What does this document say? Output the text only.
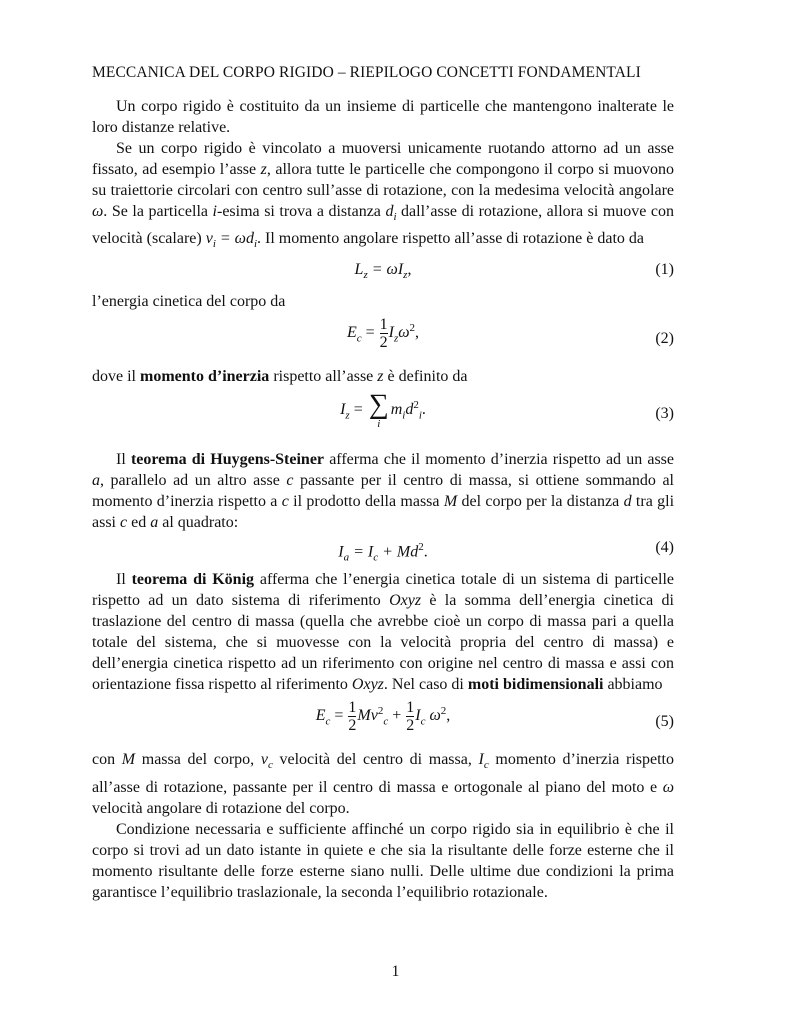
MECCANICA DEL CORPO RIGIDO – RIEPILOGO CONCETTI FONDAMENTALI

Un corpo rigido è costituito da un insieme di particelle che mantengono inalterate le loro distanze relative.

Se un corpo rigido è vincolato a muoversi unicamente ruotando attorno ad un asse fissato, ad esempio l’asse z, allora tutte le particelle che compongono il corpo si muovono su traiettorie circolari con centro sull’asse di rotazione, con la medesima velocità angolare ω. Se la particella i-esima si trova a distanza $d_i$ dall’asse di rotazione, allora si muove con velocità (scalare) $v_i = \omega d_i$. Il momento angolare rispetto all’asse di rotazione è dato da

$L_z = \omega I_z$,	(1)

l’energia cinetica del corpo da

$E_c = \frac{1}{2} I_z\omega^2$,	(2)

dove il momento d’inerzia rispetto all’asse z è definito da

$I_z$ = ∑
i
$m_id^2_i$.	(3)

Il teorema di Huygens-Steiner afferma che il momento d’inerzia rispetto ad un asse a, parallelo ad un altro asse c passante per il centro di massa, si ottiene sommando al momento d’inerzia rispetto a c il prodotto della massa M del corpo per la distanza d tra gli assi c ed a al quadrato:

$I_a = I_c + Md^2$.	(4)

Il teorema di König afferma che l’energia cinetica totale di un sistema di particelle rispetto ad un dato sistema di riferimento Oxyz è la somma dell’energia cinetica di traslazione del centro di massa (quella che avrebbe cioè un corpo di massa pari a quella totale del sistema, che si muovesse con la velocità propria del centro di massa) e dell’energia cinetica rispetto ad un riferimento con origine nel centro di massa e assi con orientazione fissa rispetto al riferimento Oxyz. Nel caso di moti bidimensionali abbiamo

$E_c = \frac{1}{2} Mv^2_c + \frac{1}{2} I_c$ $\omega^2$,	(5)

con M massa del corpo, $v_c$ velocità del centro di massa, $I_c$ momento d’inerzia rispetto all’asse di rotazione, passante per il centro di massa e ortogonale al piano del moto e ω velocità angolare di rotazione del corpo.

Condizione necessaria e sufficiente affinché un corpo rigido sia in equilibrio è che il corpo si trovi ad un dato istante in quiete e che sia la risultante delle forze esterne che il momento risultante delle forze esterne siano nulli. Delle ultime due condizioni la prima garantisce l’equilibrio traslazionale, la seconda l’equilibrio rotazionale.

1
